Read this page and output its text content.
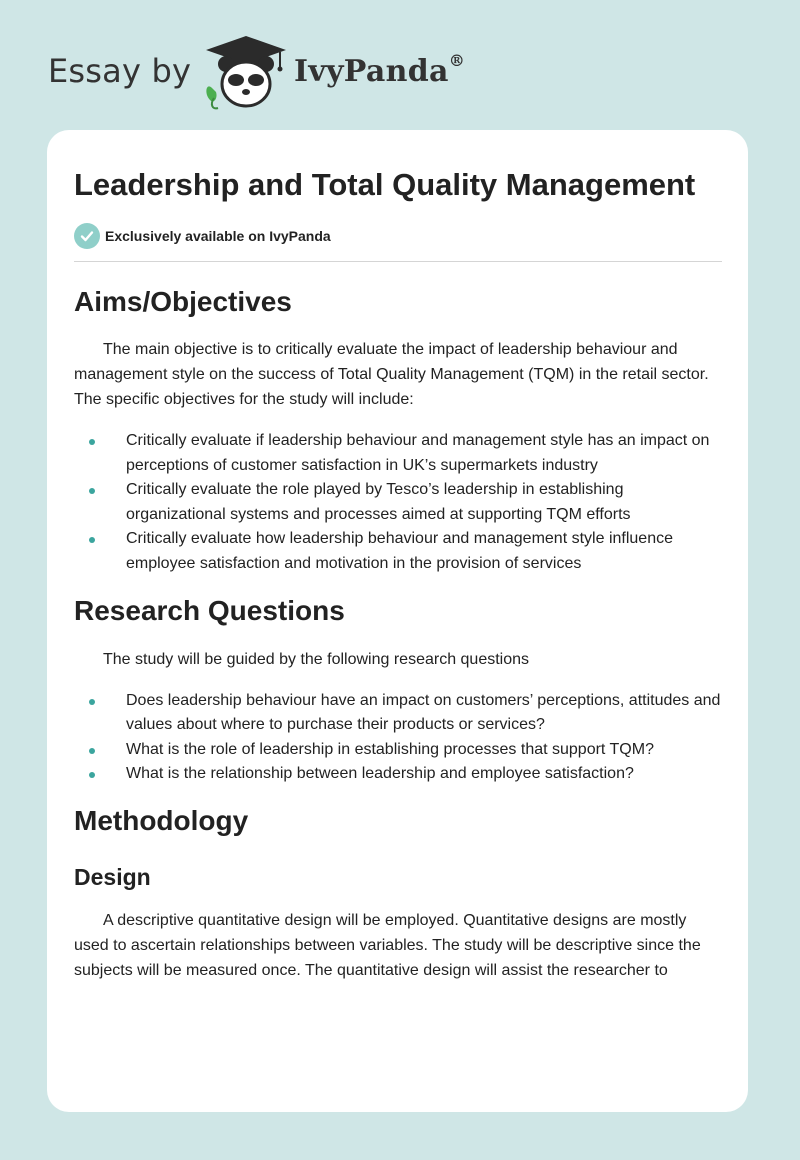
Essay by	IvyPanda®
Leadership and Total Quality Management
Exclusively available on IvyPanda
Aims/Objectives

The main objective is to critically evaluate the impact of leadership behaviour and management style on the success of Total Quality Management (TQM) in the retail sector. The specific objectives for the study will include:

Critically evaluate if leadership behaviour and management style has an impact on perceptions of customer satisfaction in UK’s supermarkets industry
Critically evaluate the role played by Tesco’s leadership in establishing organizational systems and processes aimed at supporting TQM efforts
Critically evaluate how leadership behaviour and management style influence employee satisfaction and motivation in the provision of services
Research Questions

The study will be guided by the following research questions

Does leadership behaviour have an impact on customers’ perceptions, attitudes and values about where to purchase their products or services?
What is the role of leadership in establishing processes that support TQM?
What is the relationship between leadership and employee satisfaction?
Methodology
Design

A descriptive quantitative design will be employed. Quantitative designs are mostly used to ascertain relationships between variables. The study will be descriptive since the subjects will be measured once. The quantitative design will assist the researcher to
